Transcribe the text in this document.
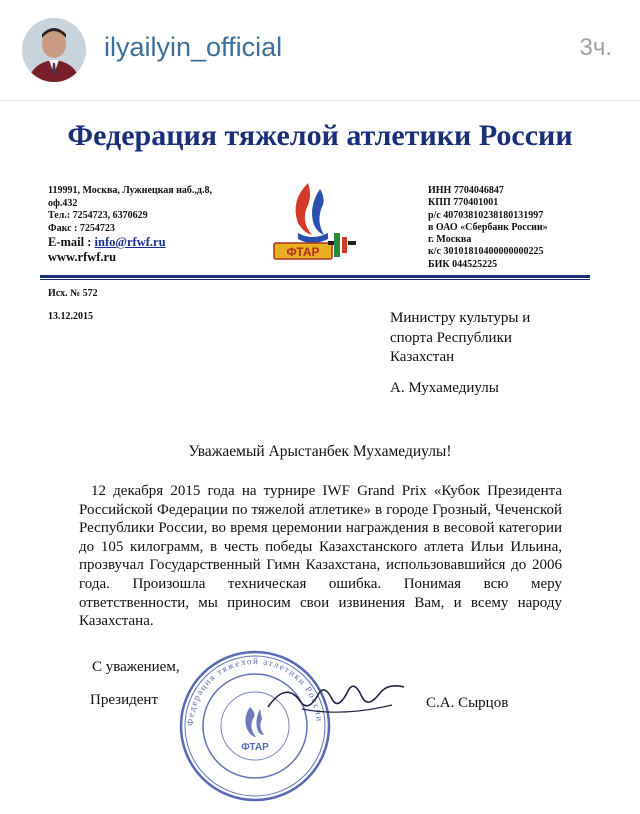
ilyailyin_official	3ч.
Федерация тяжелой атлетики России
119991, Москва, Лужнецкая наб.,д.8,
оф.432
Тел.: 7254723, 6370629
Факс : 7254723
E-mail : info@rfwf.ru
www.rfwf.ru	ФТАР
ИНН 7704046847
КПП 770401001
р/с 40703810238180131997
в ОАО «Сбербанк России»
г. Москва
к/с 30101810400000000225
БИК 044525225
Исх. № 572
13.12.2015	Министру культуры и
спорта Республики
Казахстан
А. Мухамедиулы
Уважаемый Арыстанбек Мухамедиулы!
12 декабря 2015 года на турнире IWF Grand Prix «Кубок Президента Российской Федерации по тяжелой атлетике» в городе Грозный, Чеченской Республики России, во время церемонии награждения в весовой категории до 105 килограмм, в честь победы Казахстанского атлета Ильи Ильина, прозвучал Государственный Гимн Казахстана, использовавшийся до 2006 года. Произошла техническая ошибка. Понимая всю меру ответственности, мы приносим свои извинения Вам, и всему народу Казахстана.
С уважением,
Президент
Федерация тяжелой атлетики России
ФТАР
С.А. Сырцов
